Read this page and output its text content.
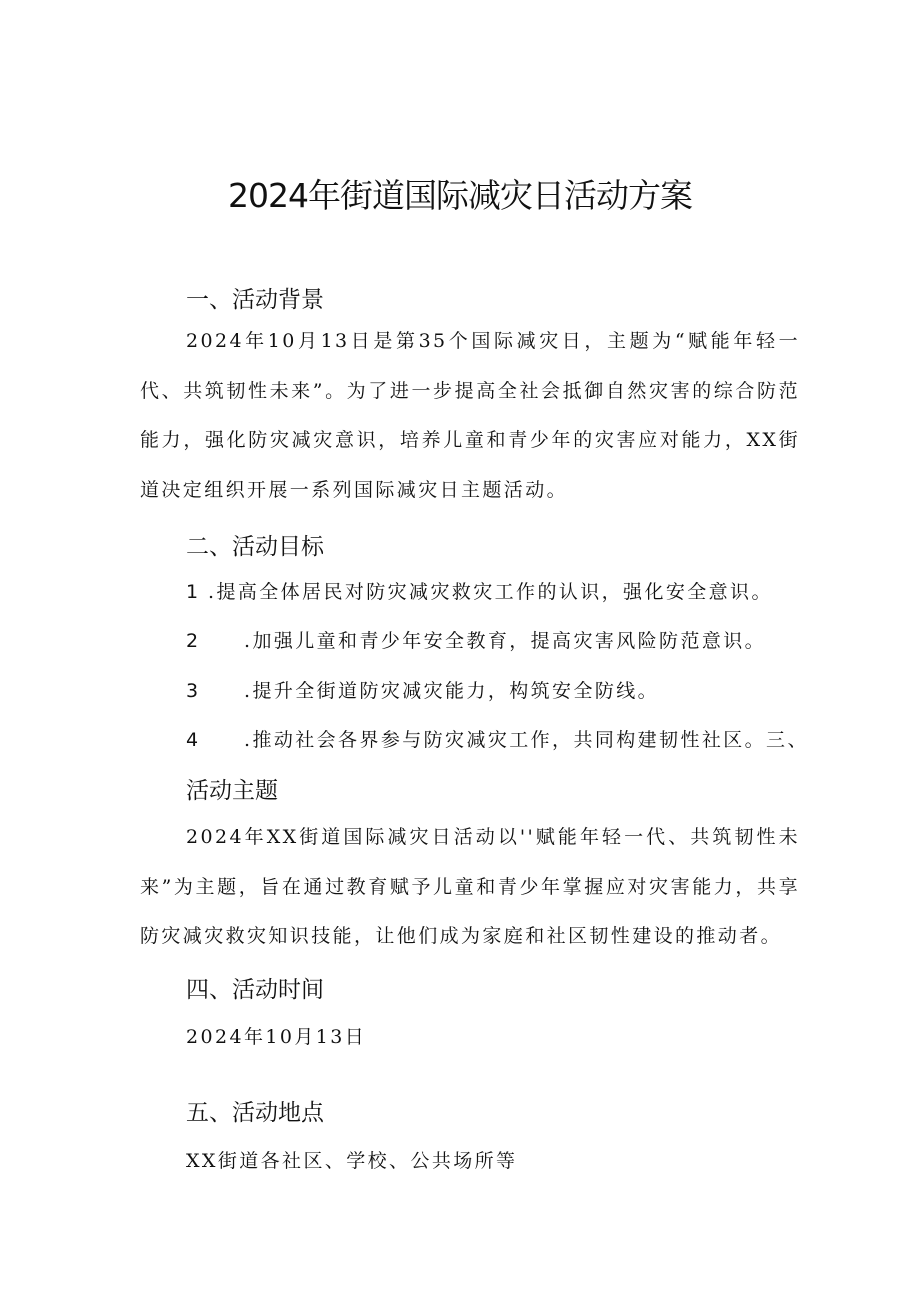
2024年街道国际减灾日活动方案
一、活动背景

2024年10月13日是第35个国际减灾日，主题为“赋能年轻一代、共筑韧性未来”。为了进一步提高全社会抵御自然灾害的综合防范能力，强化防灾减灾意识，培养儿童和青少年的灾害应对能力，XX街道决定组织开展一系列国际减灾日主题活动。

二、活动目标

1 .提高全体居民对防灾减灾救灾工作的认识，强化安全意识。

2 .加强儿童和青少年安全教育，提高灾害风险防范意识。

3 .提升全街道防灾减灾能力，构筑安全防线。

4 .推动社会各界参与防灾减灾工作，共同构建韧性社区。三、

活动主题

2024年XX街道国际减灾日活动以''赋能年轻一代、共筑韧性未来”为主题，旨在通过教育赋予儿童和青少年掌握应对灾害能力，共享防灾减灾救灾知识技能，让他们成为家庭和社区韧性建设的推动者。

四、活动时间

2024年10月13日

五、活动地点

XX街道各社区、学校、公共场所等
